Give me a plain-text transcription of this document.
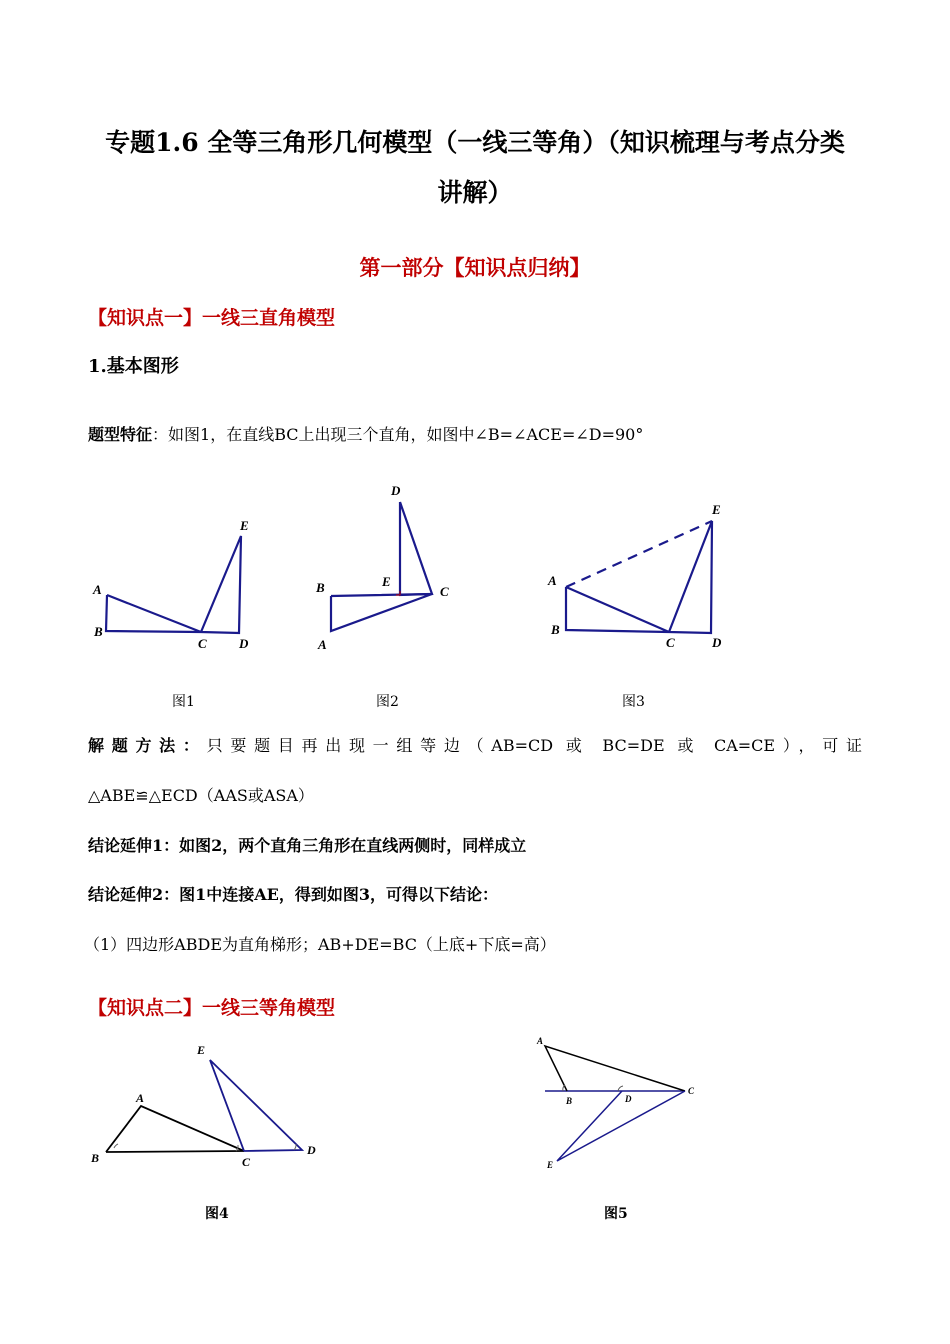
专题1.6 全等三角形几何模型（一线三等角）（知识梳理与考点分类
讲解）
第一部分【知识点归纳】
【知识点一】一线三直角模型
1.基本图形
题型特征：如图1，在直线BC上出现三个直角，如图中∠B=∠ACE=∠D=90°
A
B
C D
E
B
A
C
D
E	A
B
C	D
E
图1	图2	图3
解题方法：只要题目再出现一组等边（AB=CD 或 BC=DE 或 CA=CE），可证
△ABE≌△ECD（AAS或ASA）
结论延伸1：如图2，两个直角三角形在直线两侧时，同样成立
结论延伸2：图1中连接AE，得到如图3，可得以下结论：
（1）四边形ABDE为直角梯形；AB+DE=BC（上底+下底=高）
【知识点二】一线三等角模型
A
B	C
D
E
A
B
C
D
E
图4	图5
